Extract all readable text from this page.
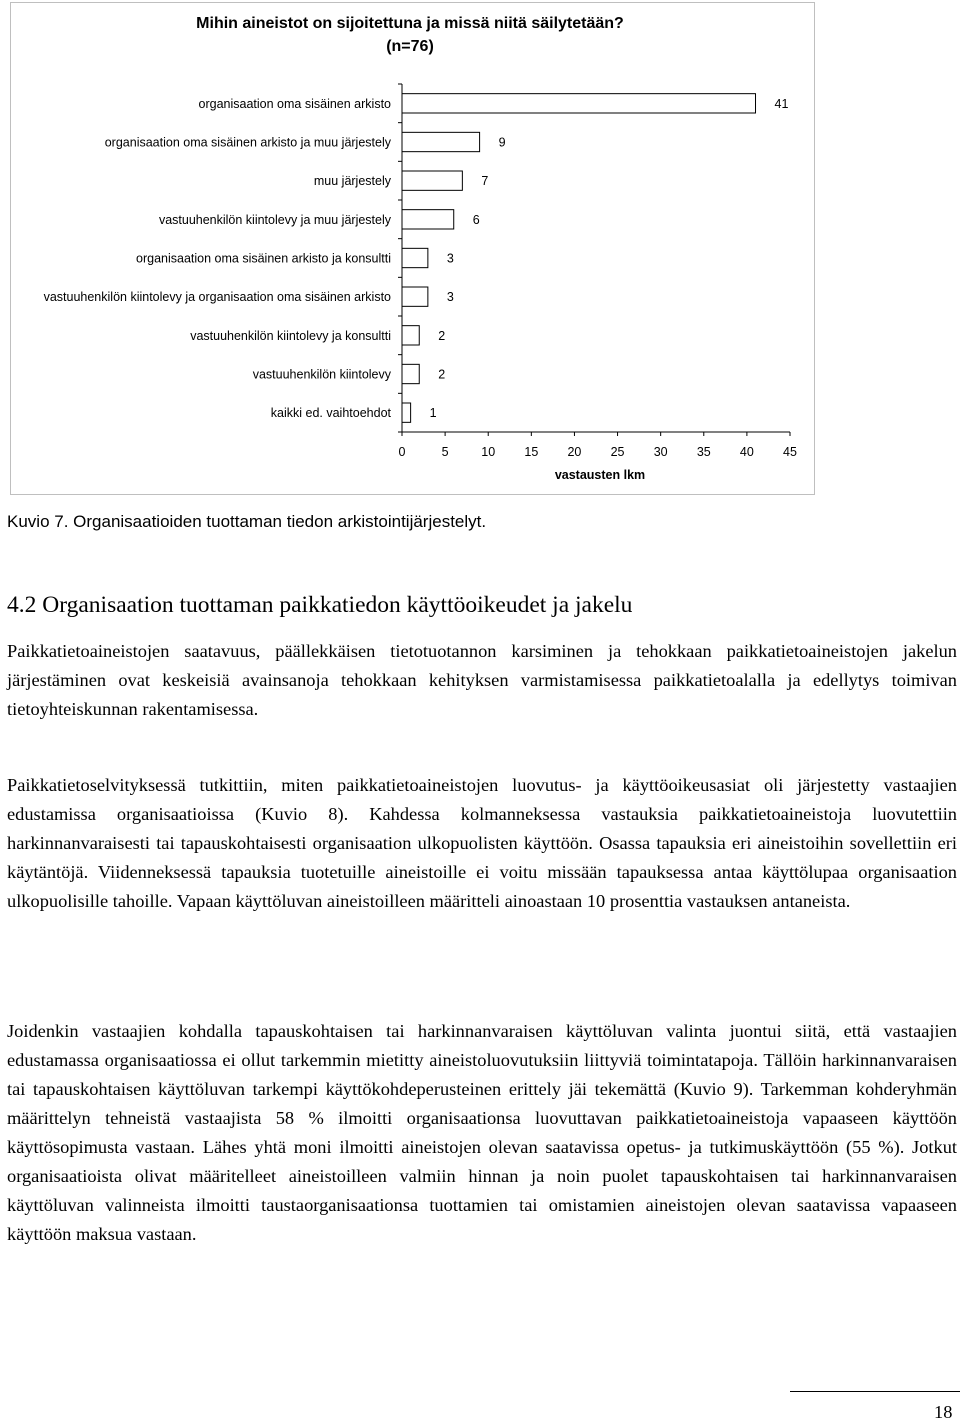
Mihin aineistot on sijoitettuna ja missä niitä säilytetään?
(n=76)
organisaation oma sisäinen arkisto	41
organisaation oma sisäinen arkisto ja muu järjestely	9
muu järjestely	7
vastuuhenkilön kiintolevy ja muu järjestely	6
organisaation oma sisäinen arkisto ja konsultti	3
vastuuhenkilön kiintolevy ja organisaation oma sisäinen arkisto	3
vastuuhenkilön kiintolevy ja konsultti	2
vastuuhenkilön kiintolevy	2
kaikki ed. vaihtoehdot	1
0	5	10 15 20 25 30 35 40 45
vastausten lkm
Kuvio 7. Organisaatioiden tuottaman tiedon arkistointijärjestelyt.
4.2 Organisaation tuottaman paikkatiedon käyttöoikeudet ja jakelu

Paikkatietoaineistojen saatavuus, päällekkäisen tietotuotannon karsiminen ja tehokkaan paikkatietoaineistojen jakelun järjestäminen ovat keskeisiä avainsanoja tehokkaan kehityksen varmistamisessa paikkatietoalalla ja edellytys toimivan tietoyhteiskunnan rakentamisessa.

Paikkatietoselvityksessä tutkittiin, miten paikkatietoaineistojen luovutus- ja käyttöoikeusasiat oli järjestetty vastaajien edustamissa organisaatioissa (Kuvio 8). Kahdessa kolmanneksessa vastauksia paikkatietoaineistoja luovutettiin harkinnanvaraisesti tai tapauskohtaisesti organisaation ulkopuolisten käyttöön. Osassa tapauksia eri aineistoihin sovellettiin eri käytäntöjä. Viidenneksessä tapauksia tuotetuille aineistoille ei voitu missään tapauksessa antaa käyttölupaa organisaation ulkopuolisille tahoille. Vapaan käyttöluvan aineistoilleen määritteli ainoastaan 10 prosenttia vastauksen antaneista.

Joidenkin vastaajien kohdalla tapauskohtaisen tai harkinnanvaraisen käyttöluvan valinta juontui siitä, että vastaajien edustamassa organisaatiossa ei ollut tarkemmin mietitty aineistoluovutuksiin liittyviä toimintatapoja. Tällöin harkinnanvaraisen tai tapauskohtaisen käyttöluvan tarkempi käyttökohdeperusteinen erittely jäi tekemättä (Kuvio 9). Tarkemman kohderyhmän määrittelyn tehneistä vastaajista 58 % ilmoitti organisaationsa luovuttavan paikkatietoaineistoja vapaaseen käyttöön käyttösopimusta vastaan. Lähes yhtä moni ilmoitti aineistojen olevan saatavissa opetus- ja tutkimuskäyttöön (55 %). Jotkut organisaatioista olivat määritelleet aineistoilleen valmiin hinnan ja noin puolet tapauskohtaisen tai harkinnanvaraisen käyttöluvan valinneista ilmoitti taustaorganisaationsa tuottamien tai omistamien aineistojen olevan saatavissa vapaaseen käyttöön maksua vastaan.

18
